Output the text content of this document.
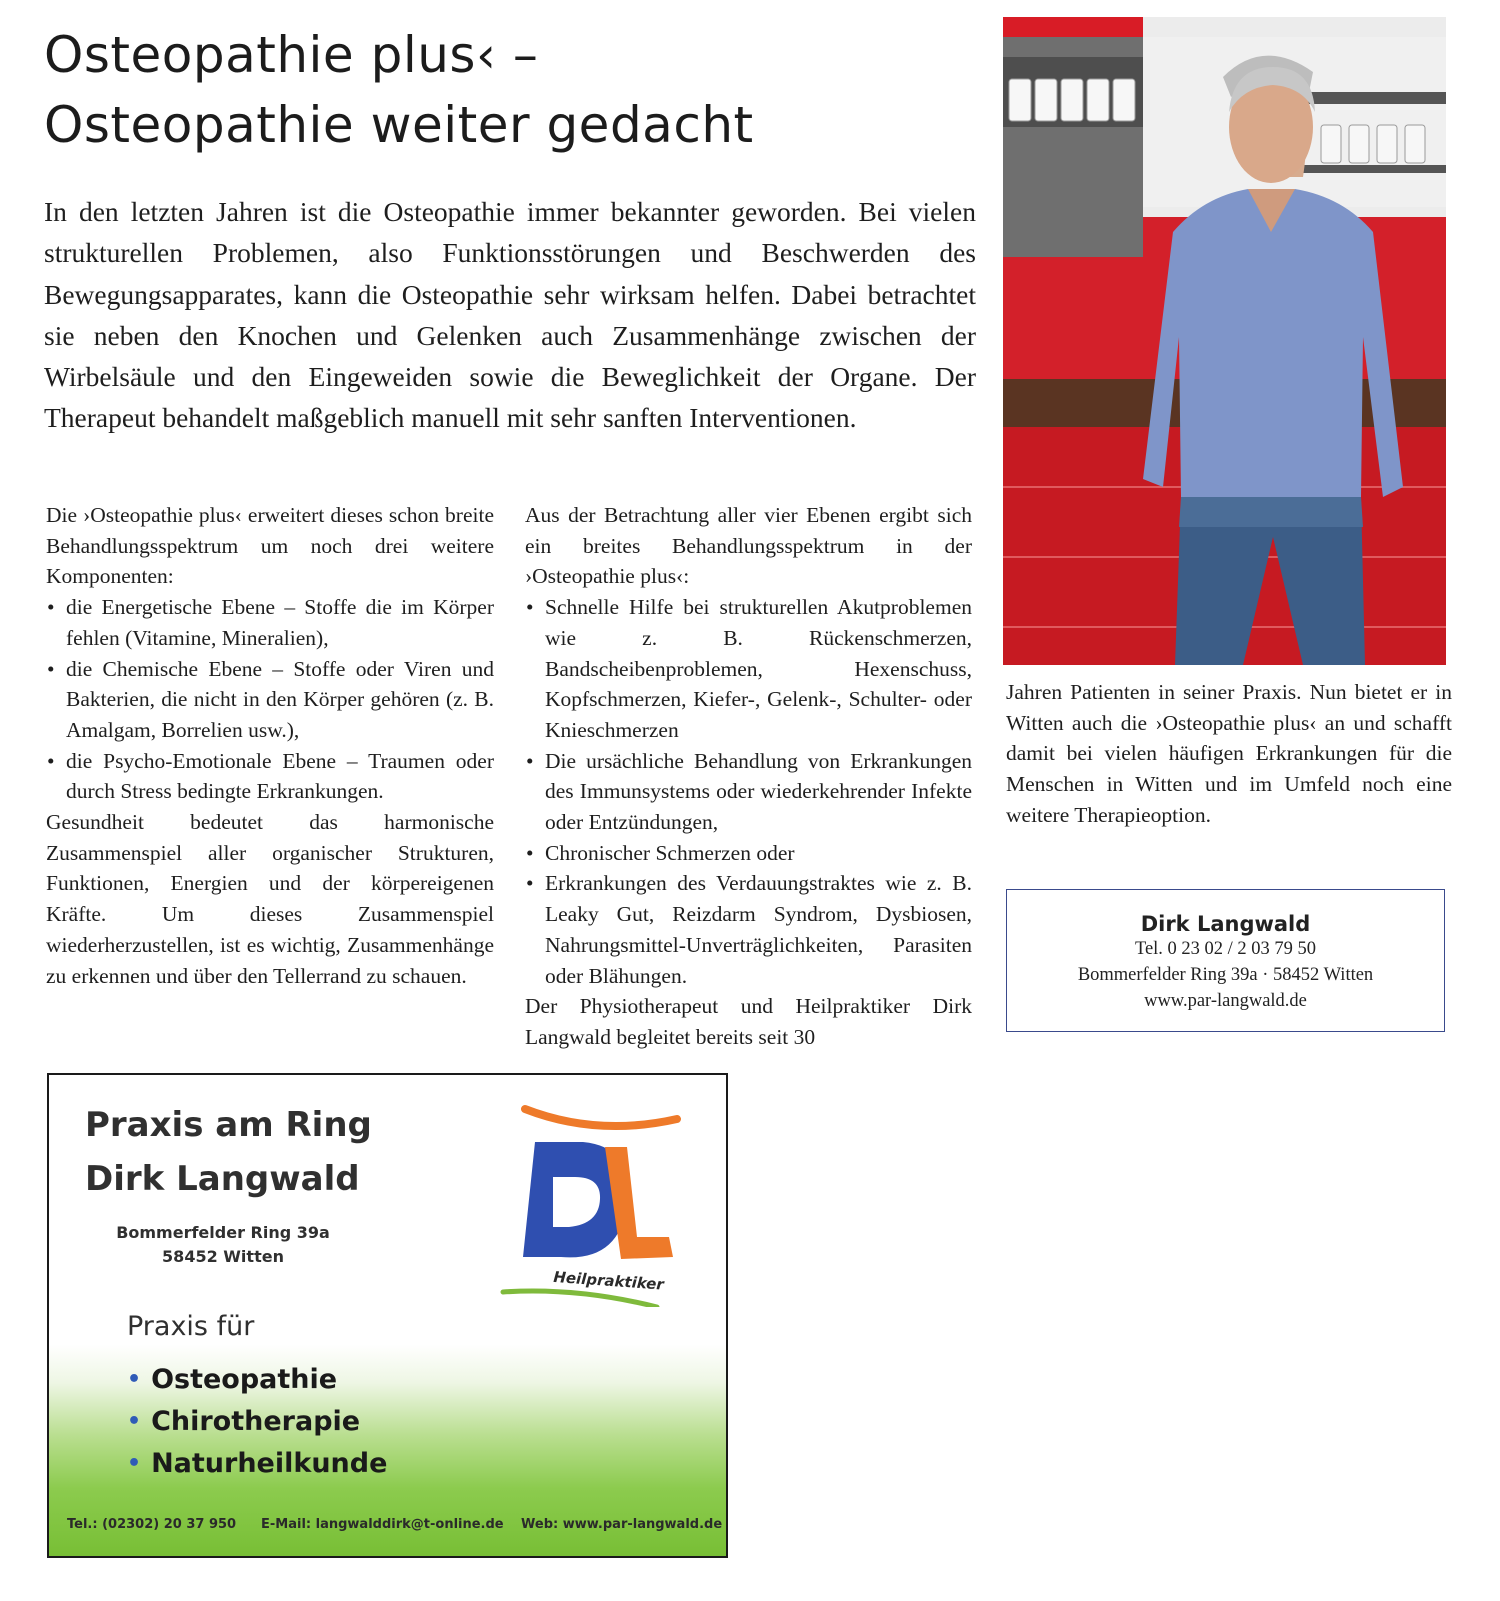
Osteopathie plus‹ –
Osteopathie weiter gedacht

In den letzten Jahren ist die Osteopathie immer bekannter geworden. Bei vielen strukturellen Problemen, also Funktionsstörungen und Beschwerden des Bewegungsapparates, kann die Osteopathie sehr wirksam helfen. Dabei betrachtet sie neben den Knochen und Gelenken auch Zusammenhänge zwischen der Wirbelsäule und den Eingeweiden sowie die Beweglichkeit der Organe. Der Therapeut behandelt maßgeblich manuell mit sehr sanften Interventionen.

Die ›Osteopathie plus‹ erweitert dieses schon breite Behandlungsspektrum um noch drei weitere Komponenten:

• die Energetische Ebene – Stoffe die im Körper fehlen (Vitamine, Mineralien),
• die Chemische Ebene – Stoffe oder Viren und Bakterien, die nicht in den Körper gehören (z. B. Amalgam, Borrelien usw.),
• die Psycho-Emotionale Ebene – Traumen oder durch Stress bedingte Erkrankungen.

Gesundheit bedeutet das harmonische Zusammenspiel aller organischer Strukturen, Funktionen, Energien und der körpereigenen Kräfte. Um dieses Zusammenspiel wiederherzustellen, ist es wichtig, Zusammenhänge zu erkennen und über den Tellerrand zu schauen.

Aus der Betrachtung aller vier Ebenen ergibt sich ein breites Behandlungsspektrum in der ›Osteopathie plus‹:

• Schnelle Hilfe bei strukturellen Akutproblemen wie z. B. Rückenschmerzen, Bandscheibenproblemen, Hexenschuss, Kopfschmerzen, Kiefer-, Gelenk-, Schulter- oder Knieschmerzen
• Die ursächliche Behandlung von Erkrankungen des Immunsystems oder wiederkehrender Infekte oder Entzündungen,
• Chronischer Schmerzen oder
• Erkrankungen des Verdauungstraktes wie z. B. Leaky Gut, Reizdarm Syndrom, Dysbiosen, Nahrungsmittel-Unverträglichkeiten, Parasiten oder Blähungen.

Der Physiotherapeut und Heilpraktiker Dirk Langwald begleitet bereits seit 30

Jahren Patienten in seiner Praxis. Nun bietet er in Witten auch die ›Osteopathie plus‹ an und schafft damit bei vielen häufigen Erkrankungen für die Menschen in Witten und im Umfeld noch eine weitere Therapieoption.

Dirk Langwald
Tel. 0 23 02 / 2 03 79 50
Bommerfelder Ring 39a · 58452 Witten
www.par-langwald.de
Praxis am Ring
Dirk Langwald
Bommerfelder Ring 39a
58452 Witten
Heilpraktiker
Praxis für
• Osteopathie
• Chirotherapie
• Naturheilkunde
Tel.: (02302) 20 37 950 E-Mail: langwalddirk@t-online.de Web: www.par-langwald.de
